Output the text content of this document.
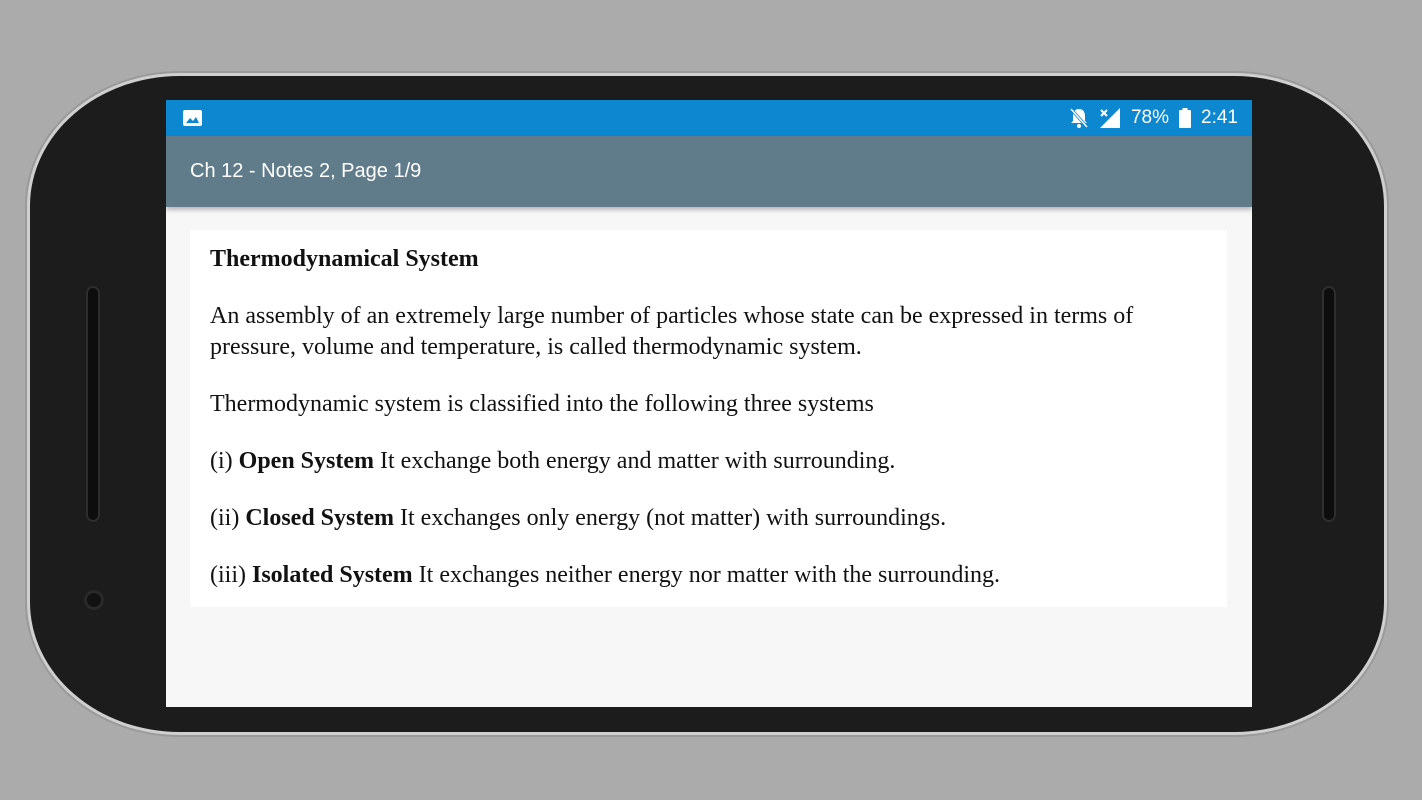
78% 2:41
Ch 12 - Notes 2, Page 1/9
Thermodynamical System

An assembly of an extremely large number of particles whose state can be expressed in terms of pressure, volume and temperature, is called thermodynamic system.

Thermodynamic system is classified into the following three systems

(i) Open System It exchange both energy and matter with surrounding.

(ii) Closed System It exchanges only energy (not matter) with surroundings.

(iii) Isolated System It exchanges neither energy nor matter with the surrounding.
